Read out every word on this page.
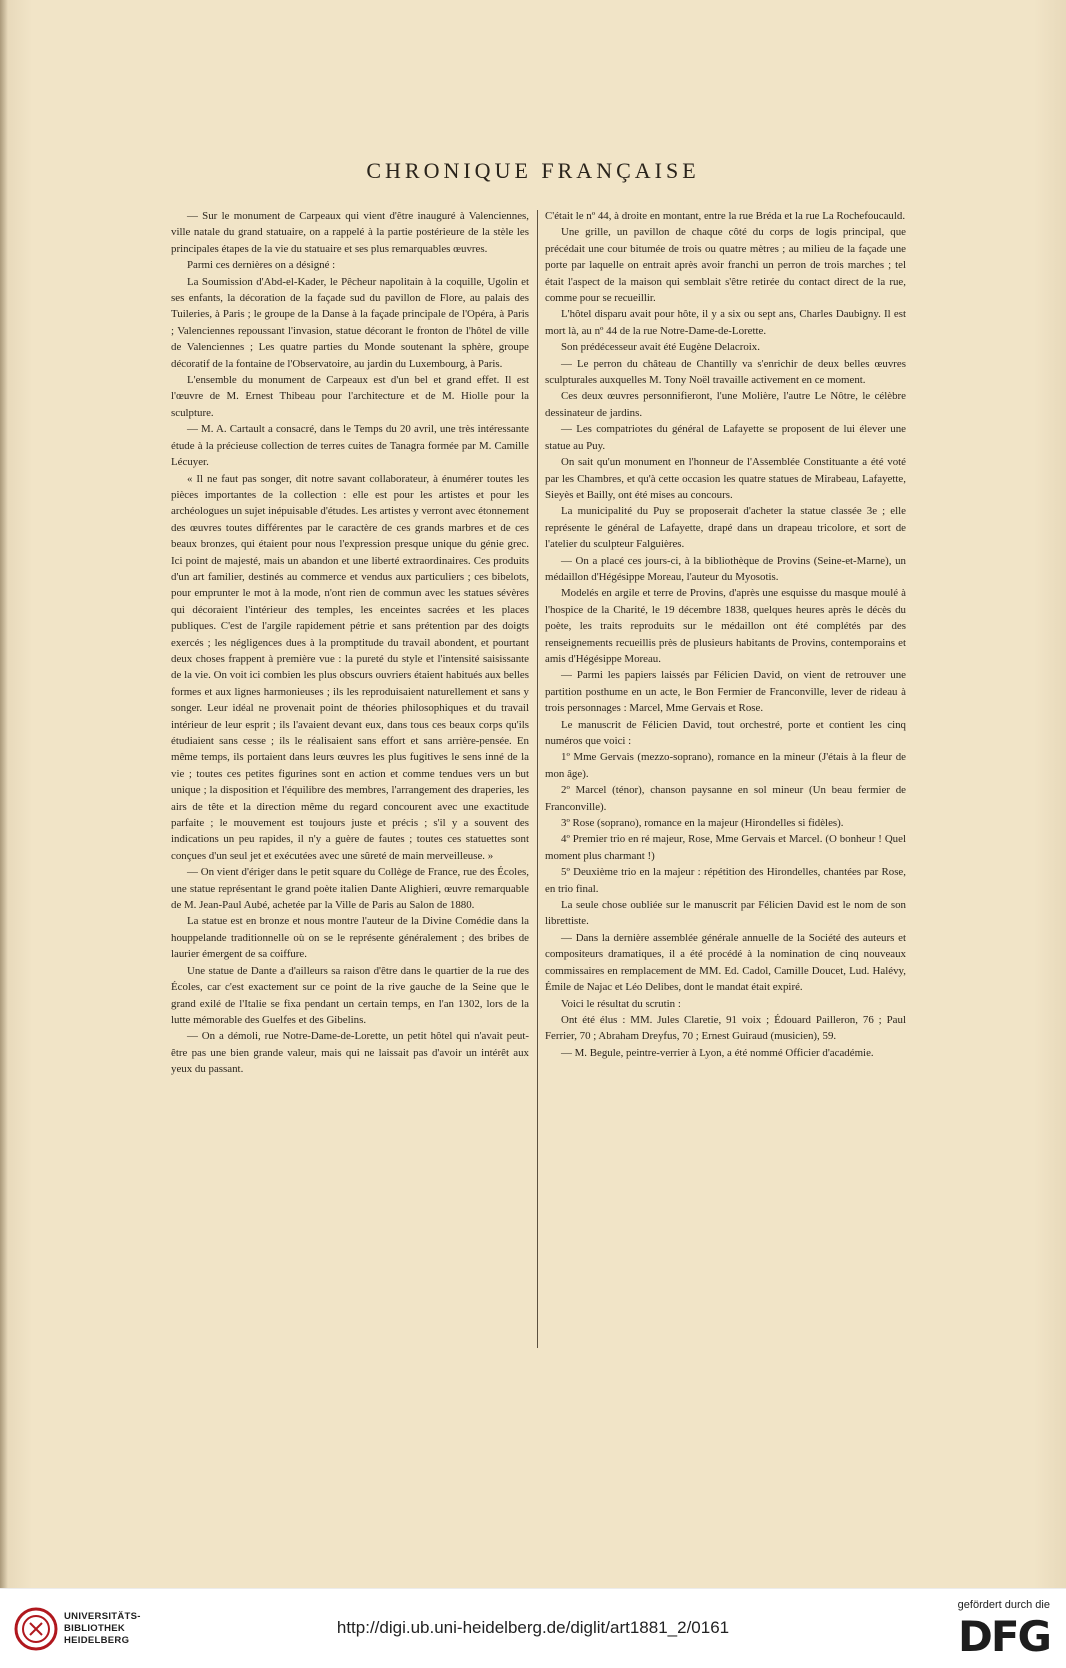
CHRONIQUE FRANÇAISE

— Sur le monument de Carpeaux qui vient d'être inauguré à Valenciennes, ville natale du grand statuaire, on a rappelé à la partie postérieure de la stèle les principales étapes de la vie du statuaire et ses plus remarquables œuvres.

Parmi ces dernières on a désigné :

La Soumission d'Abd-el-Kader, le Pêcheur napolitain à la coquille, Ugolin et ses enfants, la décoration de la façade sud du pavillon de Flore, au palais des Tuileries, à Paris ; le groupe de la Danse à la façade principale de l'Opéra, à Paris ; Valenciennes repoussant l'invasion, statue décorant le fronton de l'hôtel de ville de Valenciennes ; Les quatre parties du Monde soutenant la sphère, groupe décoratif de la fontaine de l'Observatoire, au jardin du Luxembourg, à Paris.

L'ensemble du monument de Carpeaux est d'un bel et grand effet. Il est l'œuvre de M. Ernest Thibeau pour l'architecture et de M. Hiolle pour la sculpture.

— M. A. Cartault a consacré, dans le Temps du 20 avril, une très intéressante étude à la précieuse collection de terres cuites de Tanagra formée par M. Camille Lécuyer.

« Il ne faut pas songer, dit notre savant collaborateur, à énumérer toutes les pièces importantes de la collection : elle est pour les artistes et pour les archéologues un sujet inépuisable d'études. Les artistes y verront avec étonnement des œuvres toutes différentes par le caractère de ces grands marbres et de ces beaux bronzes, qui étaient pour nous l'expression presque unique du génie grec. Ici point de majesté, mais un abandon et une liberté extraordinaires. Ces produits d'un art familier, destinés au commerce et vendus aux particuliers ; ces bibelots, pour emprunter le mot à la mode, n'ont rien de commun avec les statues sévères qui décoraient l'intérieur des temples, les enceintes sacrées et les places publiques. C'est de l'argile rapidement pétrie et sans prétention par des doigts exercés ; les négligences dues à la promptitude du travail abondent, et pourtant deux choses frappent à première vue : la pureté du style et l'intensité saisissante de la vie. On voit ici combien les plus obscurs ouvriers étaient habitués aux belles formes et aux lignes harmonieuses ; ils les reproduisaient naturellement et sans y songer. Leur idéal ne provenait point de théories philosophiques et du travail intérieur de leur esprit ; ils l'avaient devant eux, dans tous ces beaux corps qu'ils étudiaient sans cesse ; ils le réalisaient sans effort et sans arrière-pensée. En même temps, ils portaient dans leurs œuvres les plus fugitives le sens inné de la vie ; toutes ces petites figurines sont en action et comme tendues vers un but unique ; la disposition et l'équilibre des membres, l'arrangement des draperies, les airs de tête et la direction même du regard concourent avec une exactitude parfaite ; le mouvement est toujours juste et précis ; s'il y a souvent des indications un peu rapides, il n'y a guère de fautes ; toutes ces statuettes sont conçues d'un seul jet et exécutées avec une sûreté de main merveilleuse. »

— On vient d'ériger dans le petit square du Collège de France, rue des Écoles, une statue représentant le grand poète italien Dante Alighieri, œuvre remarquable de M. Jean-Paul Aubé, achetée par la Ville de Paris au Salon de 1880.

La statue est en bronze et nous montre l'auteur de la Divine Comédie dans la houppelande traditionnelle où on se le représente généralement ; des bribes de laurier émergent de sa coiffure.

Une statue de Dante a d'ailleurs sa raison d'être dans le quartier de la rue des Écoles, car c'est exactement sur ce point de la rive gauche de la Seine que le grand exilé de l'Italie se fixa pendant un certain temps, en l'an 1302, lors de la lutte mémorable des Guelfes et des Gibelins.

— On a démoli, rue Notre-Dame-de-Lorette, un petit hôtel qui n'avait peut-être pas une bien grande valeur, mais qui ne laissait pas d'avoir un intérêt aux yeux du passant.

C'était le nº 44, à droite en montant, entre la rue Bréda et la rue La Rochefoucauld.

Une grille, un pavillon de chaque côté du corps de logis principal, que précédait une cour bitumée de trois ou quatre mètres ; au milieu de la façade une porte par laquelle on entrait après avoir franchi un perron de trois marches ; tel était l'aspect de la maison qui semblait s'être retirée du contact direct de la rue, comme pour se recueillir.

L'hôtel disparu avait pour hôte, il y a six ou sept ans, Charles Daubigny. Il est mort là, au nº 44 de la rue Notre-Dame-de-Lorette.

Son prédécesseur avait été Eugène Delacroix.

— Le perron du château de Chantilly va s'enrichir de deux belles œuvres sculpturales auxquelles M. Tony Noël travaille activement en ce moment.

Ces deux œuvres personnifieront, l'une Molière, l'autre Le Nôtre, le célèbre dessinateur de jardins.

— Les compatriotes du général de Lafayette se proposent de lui élever une statue au Puy.

On sait qu'un monument en l'honneur de l'Assemblée Constituante a été voté par les Chambres, et qu'à cette occasion les quatre statues de Mirabeau, Lafayette, Sieyès et Bailly, ont été mises au concours.

La municipalité du Puy se proposerait d'acheter la statue classée 3e ; elle représente le général de Lafayette, drapé dans un drapeau tricolore, et sort de l'atelier du sculpteur Falguières.

— On a placé ces jours-ci, à la bibliothèque de Provins (Seine-et-Marne), un médaillon d'Hégésippe Moreau, l'auteur du Myosotis.

Modelés en argile et terre de Provins, d'après une esquisse du masque moulé à l'hospice de la Charité, le 19 décembre 1838, quelques heures après le décès du poète, les traits reproduits sur le médaillon ont été complétés par des renseignements recueillis près de plusieurs habitants de Provins, contemporains et amis d'Hégésippe Moreau.

— Parmi les papiers laissés par Félicien David, on vient de retrouver une partition posthume en un acte, le Bon Fermier de Franconville, lever de rideau à trois personnages : Marcel, Mme Gervais et Rose.

Le manuscrit de Félicien David, tout orchestré, porte et contient les cinq numéros que voici :

1º Mme Gervais (mezzo-soprano), romance en la mineur (J'étais à la fleur de mon âge).

2º Marcel (ténor), chanson paysanne en sol mineur (Un beau fermier de Franconville).

3º Rose (soprano), romance en la majeur (Hirondelles si fidèles).

4º Premier trio en ré majeur, Rose, Mme Gervais et Marcel. (O bonheur ! Quel moment plus charmant !)

5º Deuxième trio en la majeur : répétition des Hirondelles, chantées par Rose, en trio final.

La seule chose oubliée sur le manuscrit par Félicien David est le nom de son librettiste.

— Dans la dernière assemblée générale annuelle de la Société des auteurs et compositeurs dramatiques, il a été procédé à la nomination de cinq nouveaux commissaires en remplacement de MM. Ed. Cadol, Camille Doucet, Lud. Halévy, Émile de Najac et Léo Delibes, dont le mandat était expiré.

Voici le résultat du scrutin :

Ont été élus : MM. Jules Claretie, 91 voix ; Édouard Pailleron, 76 ; Paul Ferrier, 70 ; Abraham Dreyfus, 70 ; Ernest Guiraud (musicien), 59.

— M. Begule, peintre-verrier à Lyon, a été nommé Officier d'académie.

UNIVERSITÄTS-
BIBLIOTHEK
HEIDELBERG
http://digi.ub.uni-heidelberg.de/diglit/art1881_2/0161
gefördert durch die
DFG
